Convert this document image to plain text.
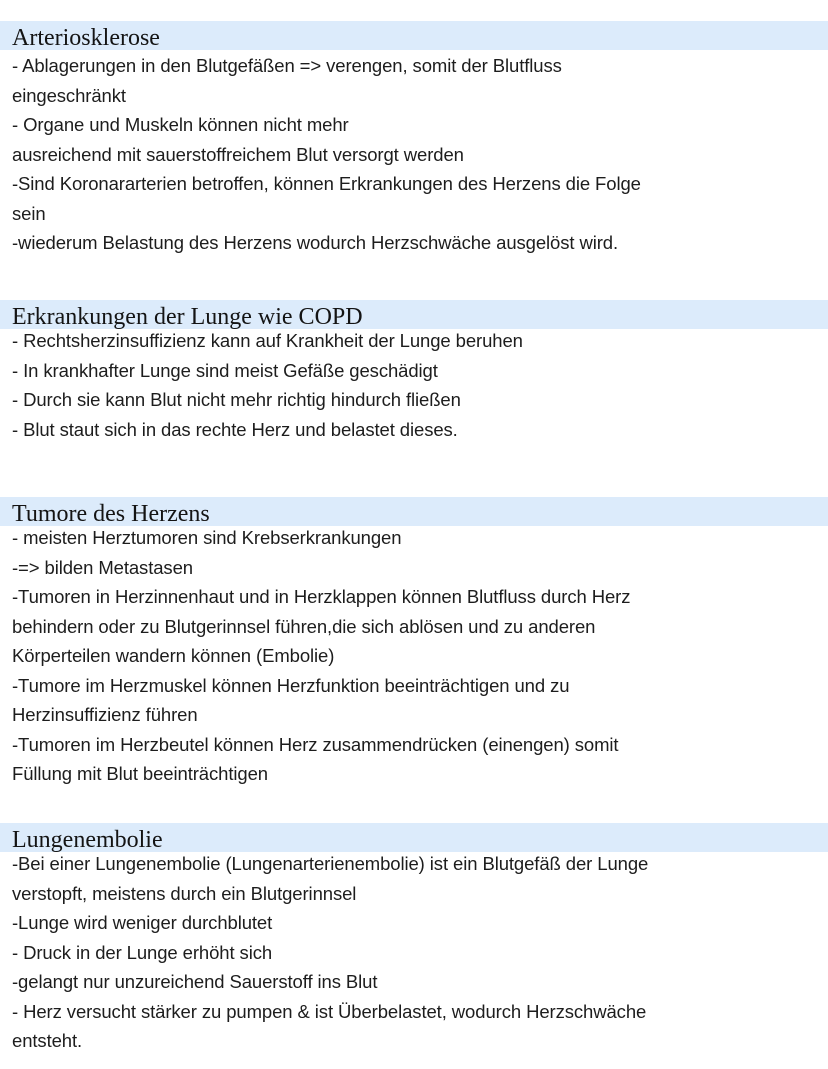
Arteriosklerose
- Ablagerungen in den Blutgefäßen => verengen, somit der Blutfluss
eingeschränkt
- Organe und Muskeln können nicht mehr
ausreichend mit sauerstoffreichem Blut versorgt werden
-Sind Koronararterien betroffen, können Erkrankungen des Herzens die Folge
sein
-wiederum Belastung des Herzens wodurch Herzschwäche ausgelöst wird.
Erkrankungen der Lunge wie COPD
- Rechtsherzinsuffizienz kann auf Krankheit der Lunge beruhen
- In krankhafter Lunge sind meist Gefäße geschädigt
- Durch sie kann Blut nicht mehr richtig hindurch fließen
- Blut staut sich in das rechte Herz und belastet dieses.
Tumore des Herzens
- meisten Herztumoren sind Krebserkrankungen
-=> bilden Metastasen
-Tumoren in Herzinnenhaut und in Herzklappen können Blutfluss durch Herz
behindern oder zu Blutgerinnsel führen,die sich ablösen und zu anderen
Körperteilen wandern können (Embolie)
-Tumore im Herzmuskel können Herzfunktion beeinträchtigen und zu
Herzinsuffizienz führen
-Tumoren im Herzbeutel können Herz zusammendrücken (einengen) somit
Füllung mit Blut beeinträchtigen
Lungenembolie
-Bei einer Lungenembolie (Lungenarterienembolie) ist ein Blutgefäß der Lunge
verstopft, meistens durch ein Blutgerinnsel
-Lunge wird weniger durchblutet
- Druck in der Lunge erhöht sich
-gelangt nur unzureichend Sauerstoff ins Blut
- Herz versucht stärker zu pumpen & ist Überbelastet, wodurch Herzschwäche
entsteht.
